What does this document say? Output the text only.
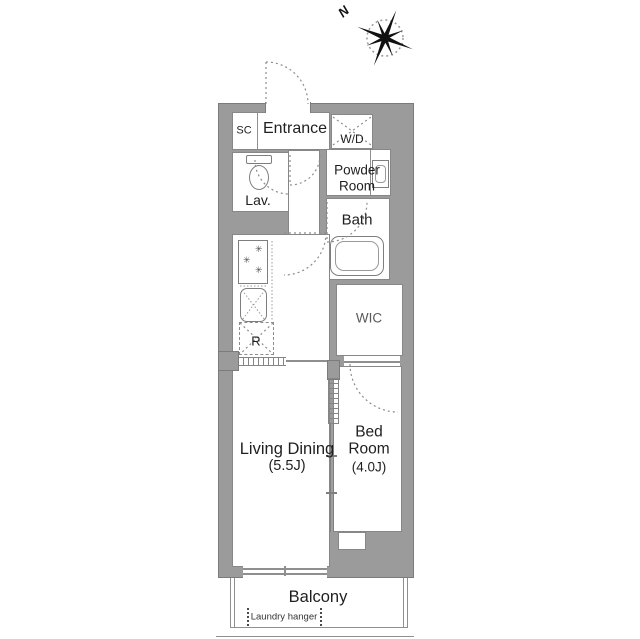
N
✳
✳
✳
SC Entrance
W/D
Powder
Room
Lav.
Bath
WIC
R
Living Dining
(5.5J)
Bed
Room
(4.0J)
Balcony
Laundry hanger
